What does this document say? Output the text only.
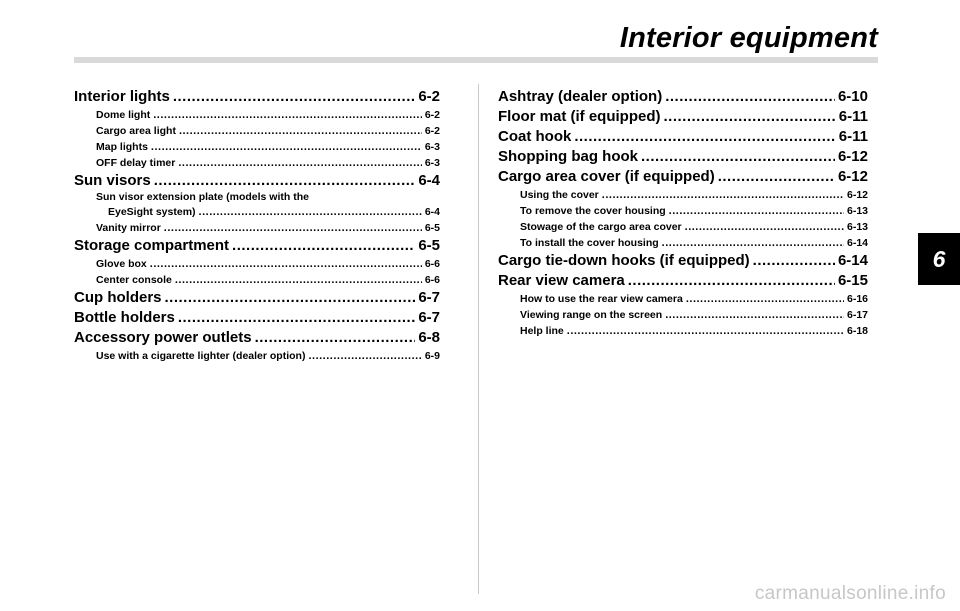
Interior equipment
Interior lights .....	6-2
Dome light .....	6-2
Cargo area light .....	6-2
Map lights .....	6-3
OFF delay timer .....	6-3
Sun visors .....	6-4
Sun visor extension plate (models with the
EyeSight system) .....	6-4
Vanity mirror .....	6-5
Storage compartment .....	6-5
Glove box .....	6-6
Center console .....	6-6
Cup holders .....	6-7
Bottle holders .....	6-7
Accessory power outlets .....	6-8
Use with a cigarette lighter (dealer option) .....	6-9
Ashtray (dealer option) .....	6-10
Floor mat (if equipped) .....	6-11
Coat hook .....	6-11
Shopping bag hook .....	6-12
Cargo area cover (if equipped) .....	6-12
Using the cover .....	6-12
To remove the cover housing .....	6-13
Stowage of the cargo area cover .....	6-13
To install the cover housing .....	6-14
Cargo tie-down hooks (if equipped) .....	6-14
Rear view camera .....	6-15
How to use the rear view camera .....	6-16
Viewing range on the screen .....	6-17
Help line .....	6-18
6
carmanualsonline.info
